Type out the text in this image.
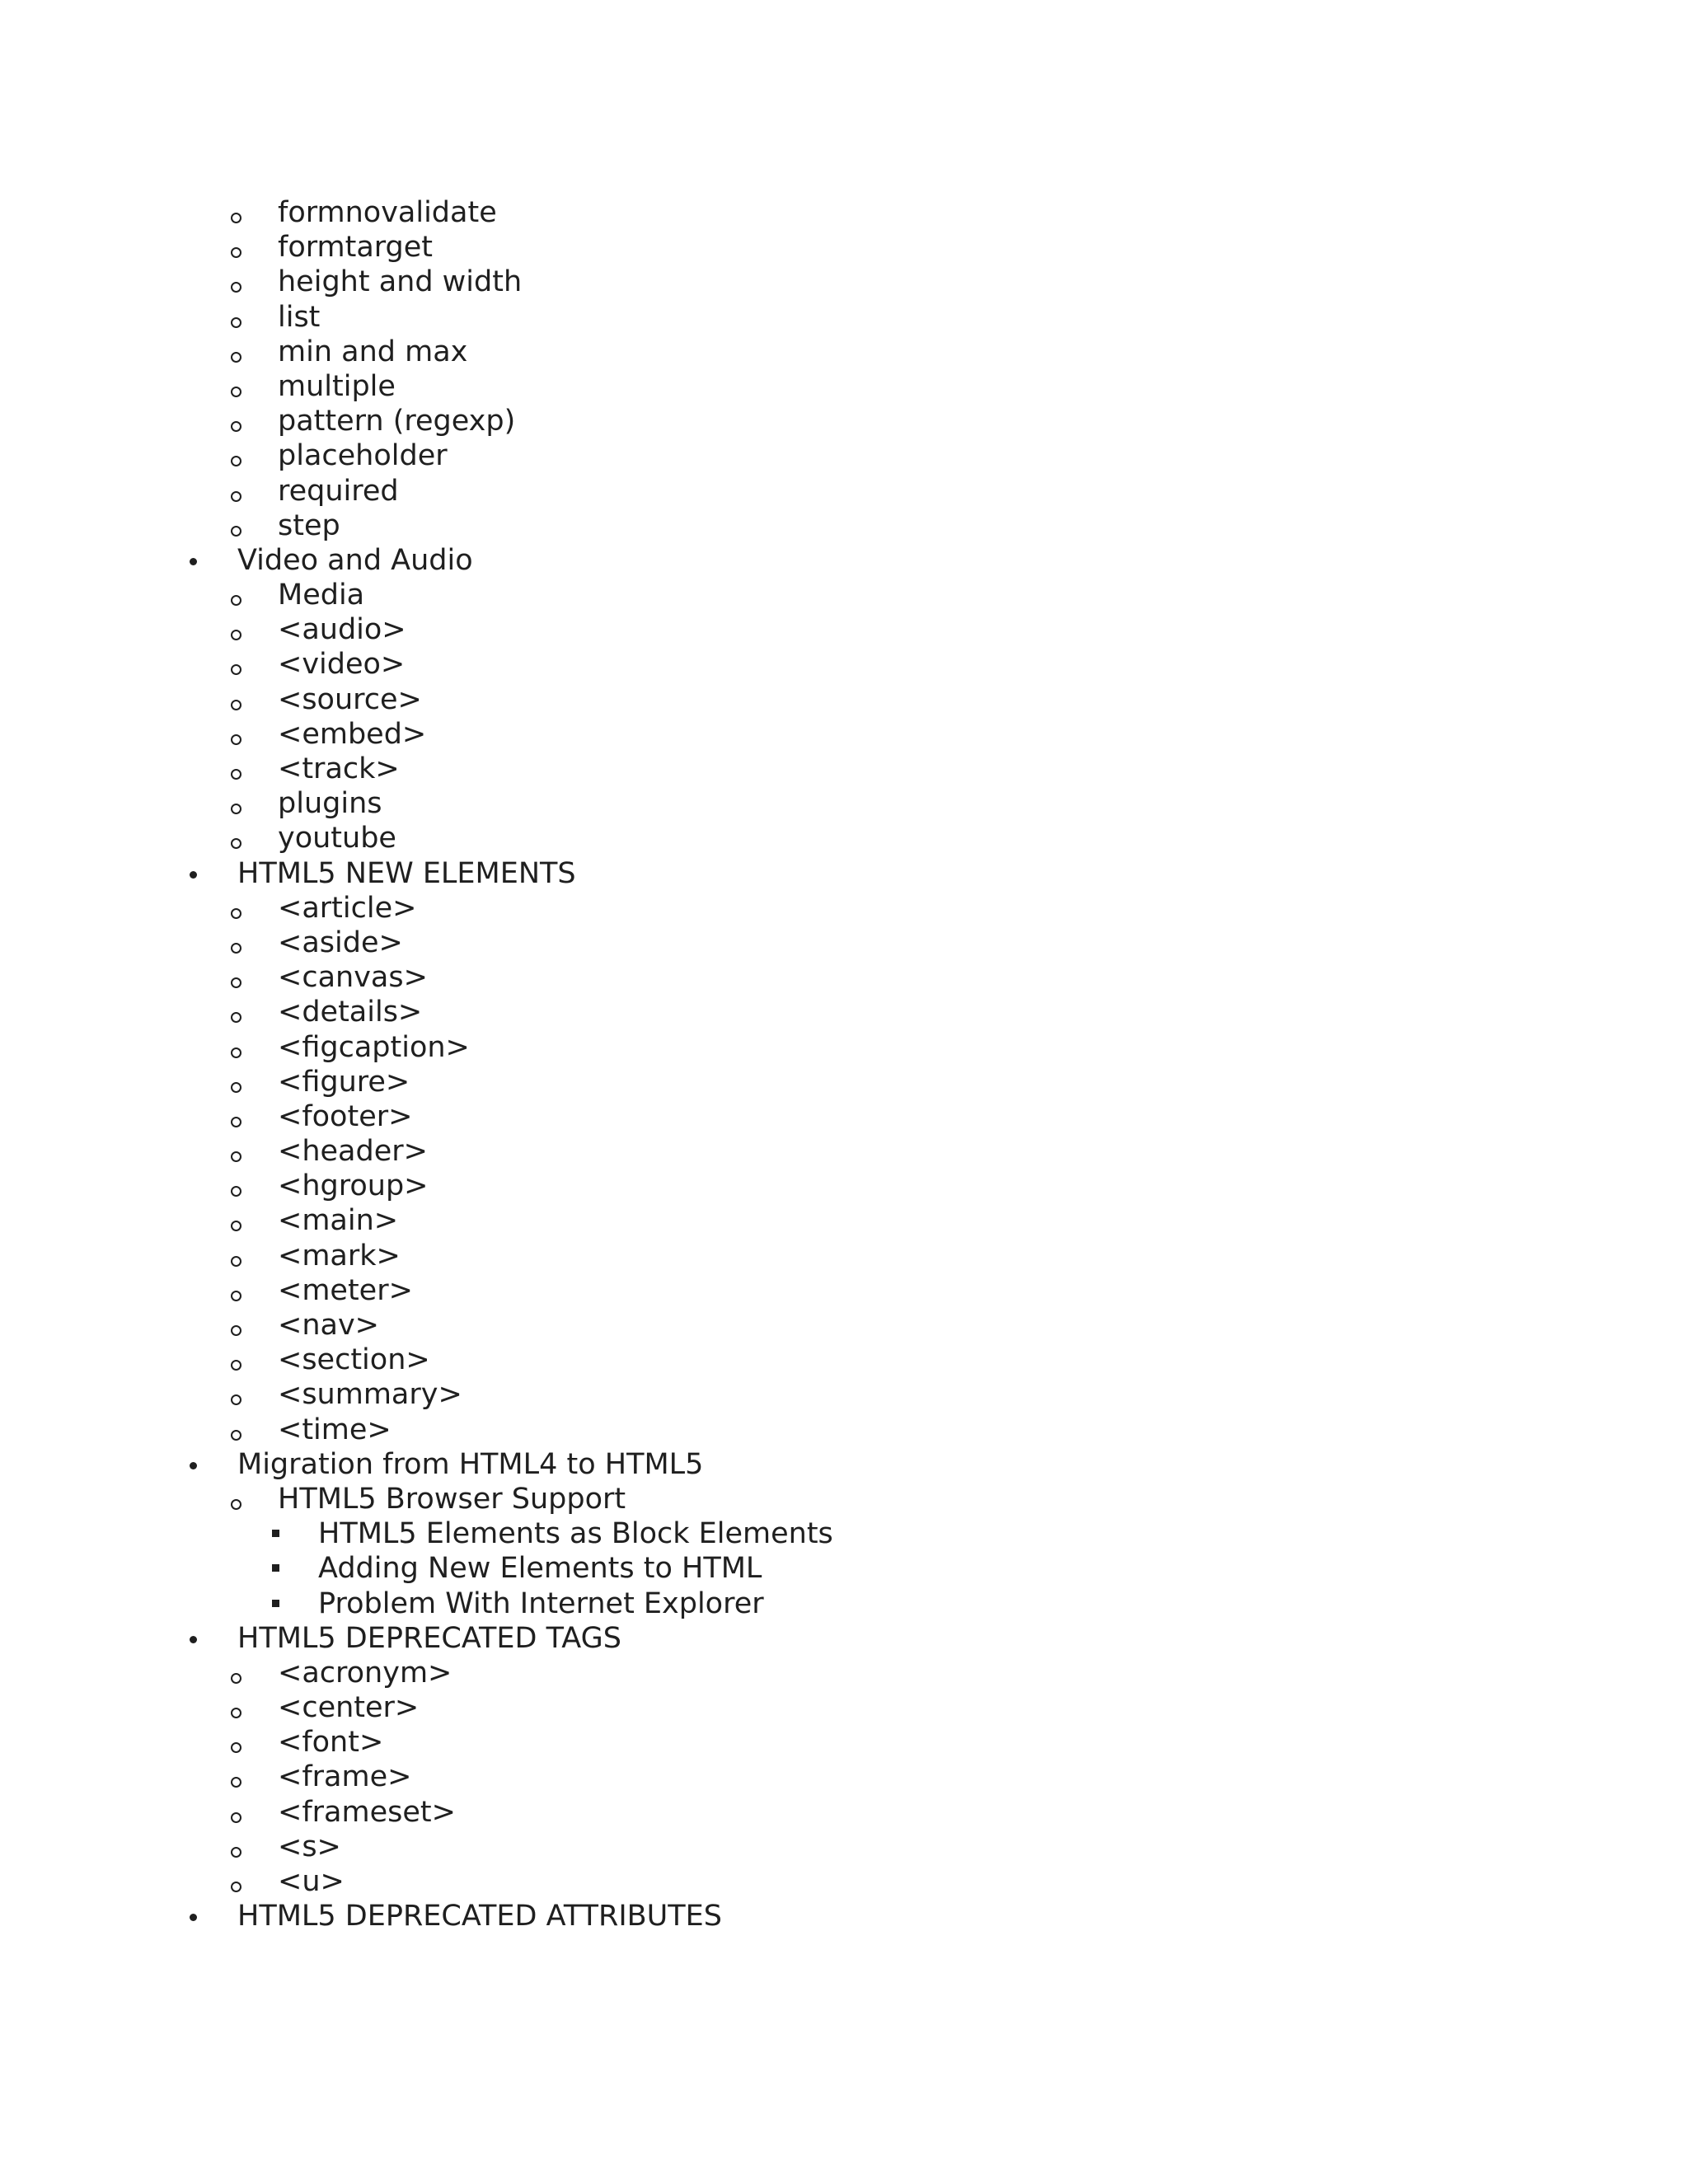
formnovalidate
formtarget
height and width
list
min and max
multiple
pattern (regexp)
placeholder
required
step
Video and Audio
Media
<audio>
<video>
<source>
<embed>
<track>
plugins
youtube
HTML5 NEW ELEMENTS
<article>
<aside>
<canvas>
<details>
<figcaption>
<figure>
<footer>
<header>
<hgroup>
<main>
<mark>
<meter>
<nav>
<section>
<summary>
<time>
Migration from HTML4 to HTML5
HTML5 Browser Support
HTML5 Elements as Block Elements
Adding New Elements to HTML
Problem With Internet Explorer
HTML5 DEPRECATED TAGS
<acronym>
<center>
<font>
<frame>
<frameset>
<s>
<u>
HTML5 DEPRECATED ATTRIBUTES
